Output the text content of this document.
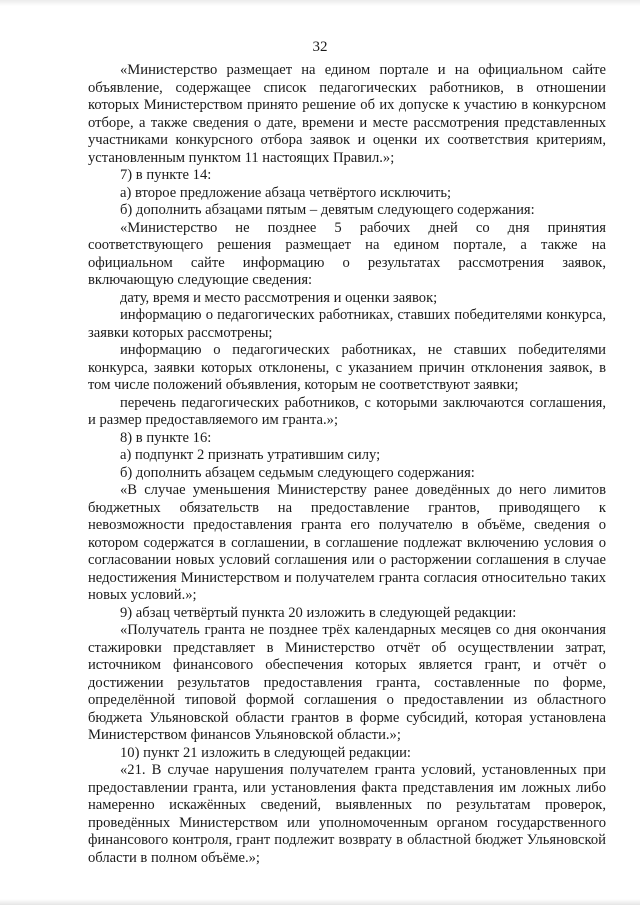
32

«Министерство размещает на едином портале и на официальном сайте объявление, содержащее список педагогических работников, в отношении которых Министерством принято решение об их допуске к участию в конкурсном отборе, а также сведения о дате, времени и месте рассмотрения представленных участниками конкурсного отбора заявок и оценки их соответствия критериям, установленным пунктом 11 настоящих Правил.»;

7) в пункте 14:

а) второе предложение абзаца четвёртого исключить;

б) дополнить абзацами пятым – девятым следующего содержания:

«Министерство не позднее 5 рабочих дней со дня принятия соответствующего решения размещает на едином портале, а также на официальном сайте информацию о результатах рассмотрения заявок, включающую следующие сведения:

дату, время и место рассмотрения и оценки заявок;

информацию о педагогических работниках, ставших победителями конкурса, заявки которых рассмотрены;

информацию о педагогических работниках, не ставших победителями конкурса, заявки которых отклонены, с указанием причин отклонения заявок, в том числе положений объявления, которым не соответствуют заявки;

перечень педагогических работников, с которыми заключаются соглашения, и размер предоставляемого им гранта.»;

8) в пункте 16:

а) подпункт 2 признать утратившим силу;

б) дополнить абзацем седьмым следующего содержания:

«В случае уменьшения Министерству ранее доведённых до него лимитов бюджетных обязательств на предоставление грантов, приводящего к невозможности предоставления гранта его получателю в объёме, сведения о котором содержатся в соглашении, в соглашение подлежат включению условия о согласовании новых условий соглашения или о расторжении соглашения в случае недостижения Министерством и получателем гранта согласия относительно таких новых условий.»;

9) абзац четвёртый пункта 20 изложить в следующей редакции:

«Получатель гранта не позднее трёх календарных месяцев со дня окончания стажировки представляет в Министерство отчёт об осуществлении затрат, источником финансового обеспечения которых является грант, и отчёт о достижении результатов предоставления гранта, составленные по форме, определённой типовой формой соглашения о предоставлении из областного бюджета Ульяновской области грантов в форме субсидий, которая установлена Министерством финансов Ульяновской области.»;

10) пункт 21 изложить в следующей редакции:

«21. В случае нарушения получателем гранта условий, установленных при предоставлении гранта, или установления факта представления им ложных либо намеренно искажённых сведений, выявленных по результатам проверок, проведённых Министерством или уполномоченным органом государственного финансового контроля, грант подлежит возврату в областной бюджет Ульяновской области в полном объёме.»;
